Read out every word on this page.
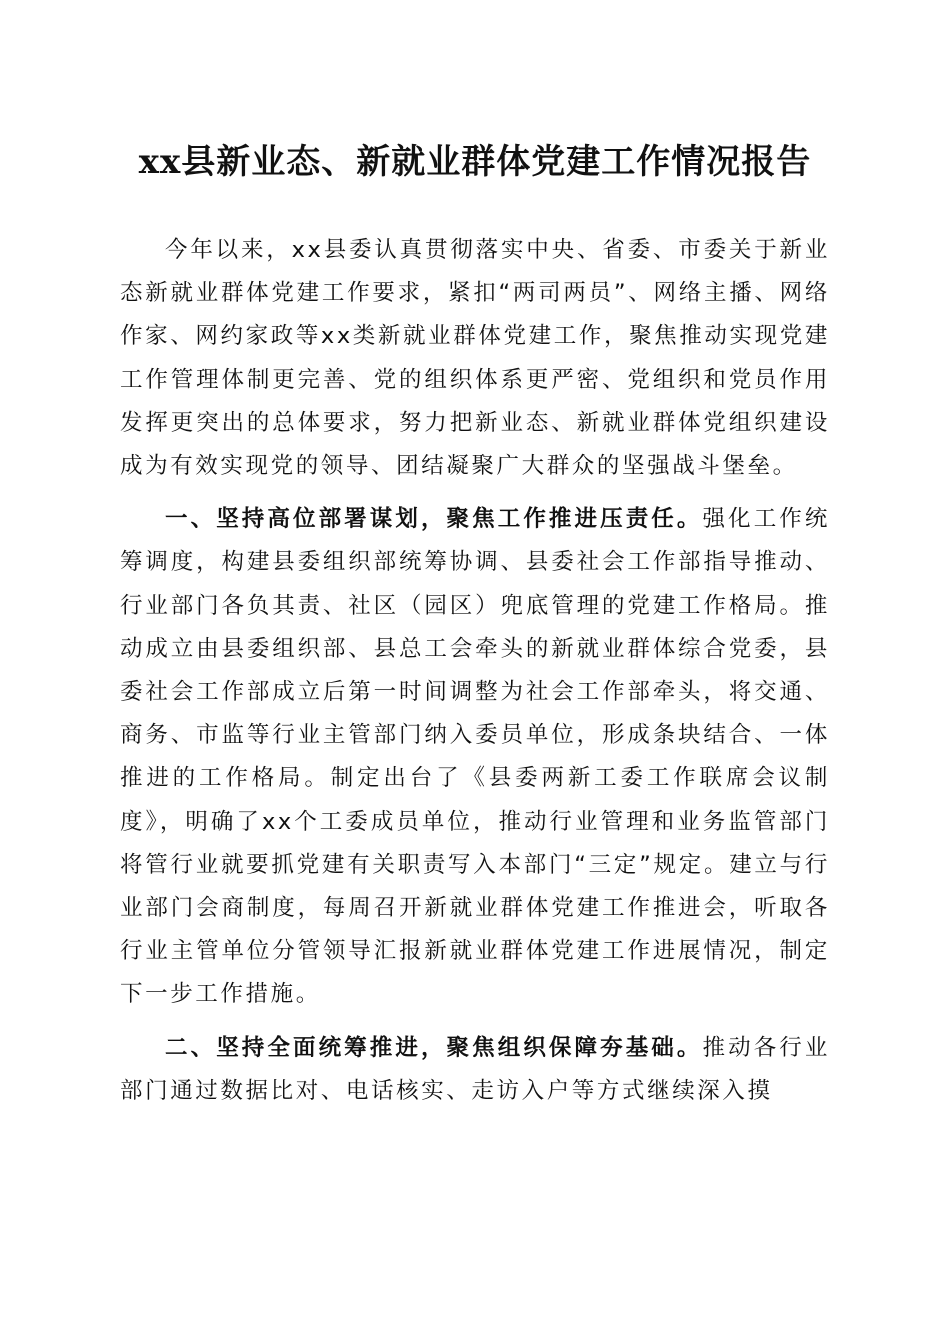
xx县新业态、新就业群体党建工作情况报告

今年以来，xx县委认真贯彻落实中央、省委、市委关于新业态新就业群体党建工作要求，紧扣“两司两员”、网络主播、网络作家、网约家政等xx类新就业群体党建工作，聚焦推动实现党建工作管理体制更完善、党的组织体系更严密、党组织和党员作用发挥更突出的总体要求，努力把新业态、新就业群体党组织建设成为有效实现党的领导、团结凝聚广大群众的坚强战斗堡垒。

一、坚持高位部署谋划，聚焦工作推进压责任。强化工作统筹调度，构建县委组织部统筹协调、县委社会工作部指导推动、行业部门各负其责、社区（园区）兜底管理的党建工作格局。推动成立由县委组织部、县总工会牵头的新就业群体综合党委，县委社会工作部成立后第一时间调整为社会工作部牵头，将交通、商务、市监等行业主管部门纳入委员单位，形成条块结合、一体推进的工作格局。制定出台了《县委两新工委工作联席会议制度》，明确了xx个工委成员单位，推动行业管理和业务监管部门将管行业就要抓党建有关职责写入本部门“三定”规定。建立与行业部门会商制度，每周召开新就业群体党建工作推进会，听取各行业主管单位分管领导汇报新就业群体党建工作进展情况，制定下一步工作措施。

二、坚持全面统筹推进，聚焦组织保障夯基础。推动各行业部门通过数据比对、电话核实、走访入户等方式继续深入摸
